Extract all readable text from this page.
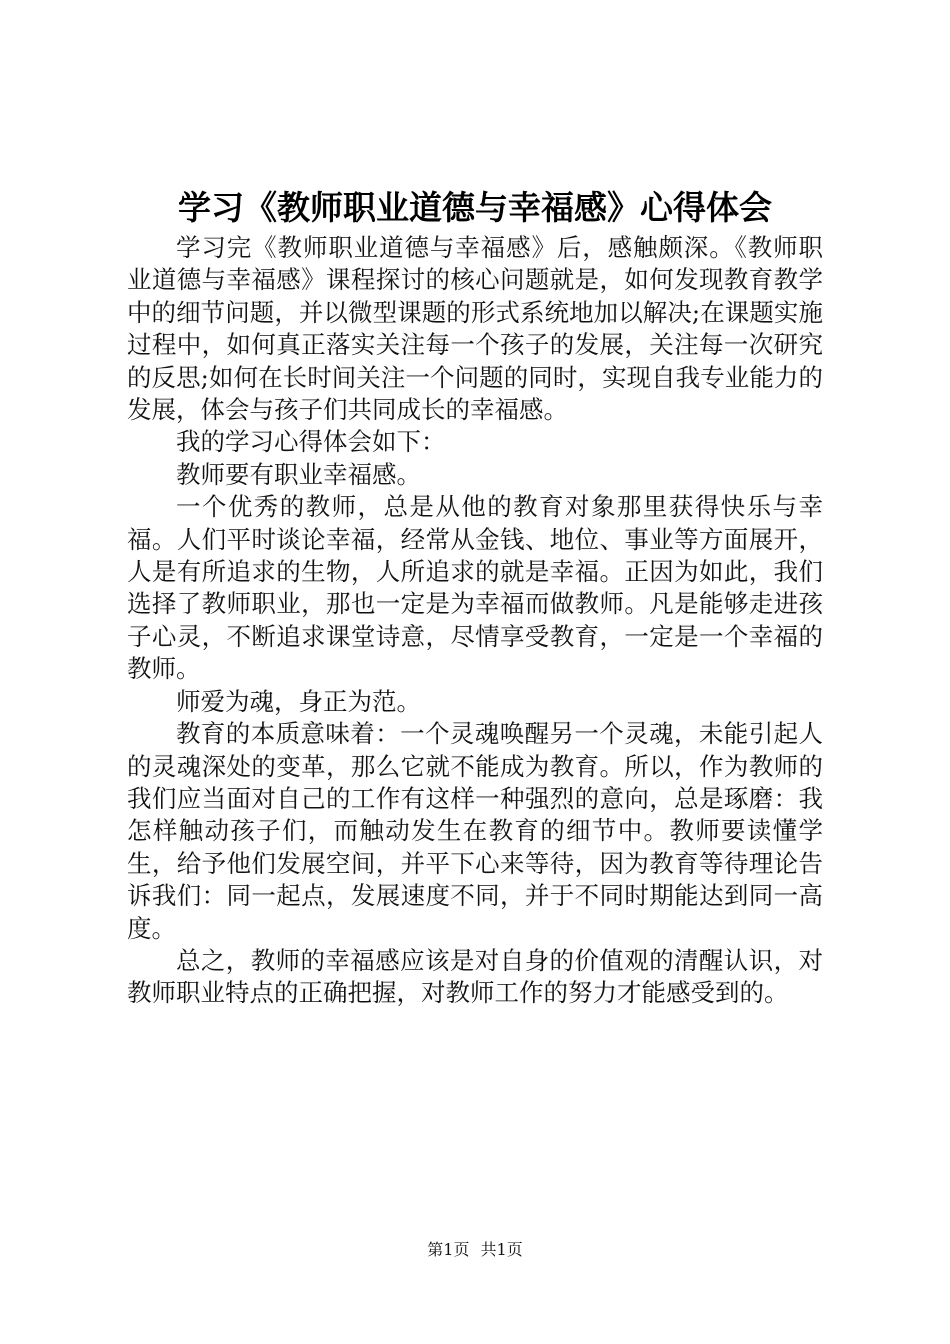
学习《教师职业道德与幸福感》心得体会

学习完《教师职业道德与幸福感》后，感触颇深。《教师职业道德与幸福感》课程探讨的核心问题就是，如何发现教育教学中的细节问题，并以微型课题的形式系统地加以解决;在课题实施过程中，如何真正落实关注每一个孩子的发展，关注每一次研究的反思;如何在长时间关注一个问题的同时，实现自我专业能力的发展，体会与孩子们共同成长的幸福感。

我的学习心得体会如下：

教师要有职业幸福感。

一个优秀的教师，总是从他的教育对象那里获得快乐与幸福。人们平时谈论幸福，经常从金钱、地位、事业等方面展开，人是有所追求的生物，人所追求的就是幸福。正因为如此，我们选择了教师职业，那也一定是为幸福而做教师。凡是能够走进孩子心灵，不断追求课堂诗意，尽情享受教育，一定是一个幸福的教师。

师爱为魂，身正为范。

教育的本质意味着：一个灵魂唤醒另一个灵魂，未能引起人的灵魂深处的变革，那么它就不能成为教育。所以，作为教师的我们应当面对自己的工作有这样一种强烈的意向，总是琢磨：我怎样触动孩子们，而触动发生在教育的细节中。教师要读懂学生，给予他们发展空间，并平下心来等待，因为教育等待理论告诉我们：同一起点，发展速度不同，并于不同时期能达到同一高度。

总之，教师的幸福感应该是对自身的价值观的清醒认识，对教师职业特点的正确把握，对教师工作的努力才能感受到的。

第1页 共1页
